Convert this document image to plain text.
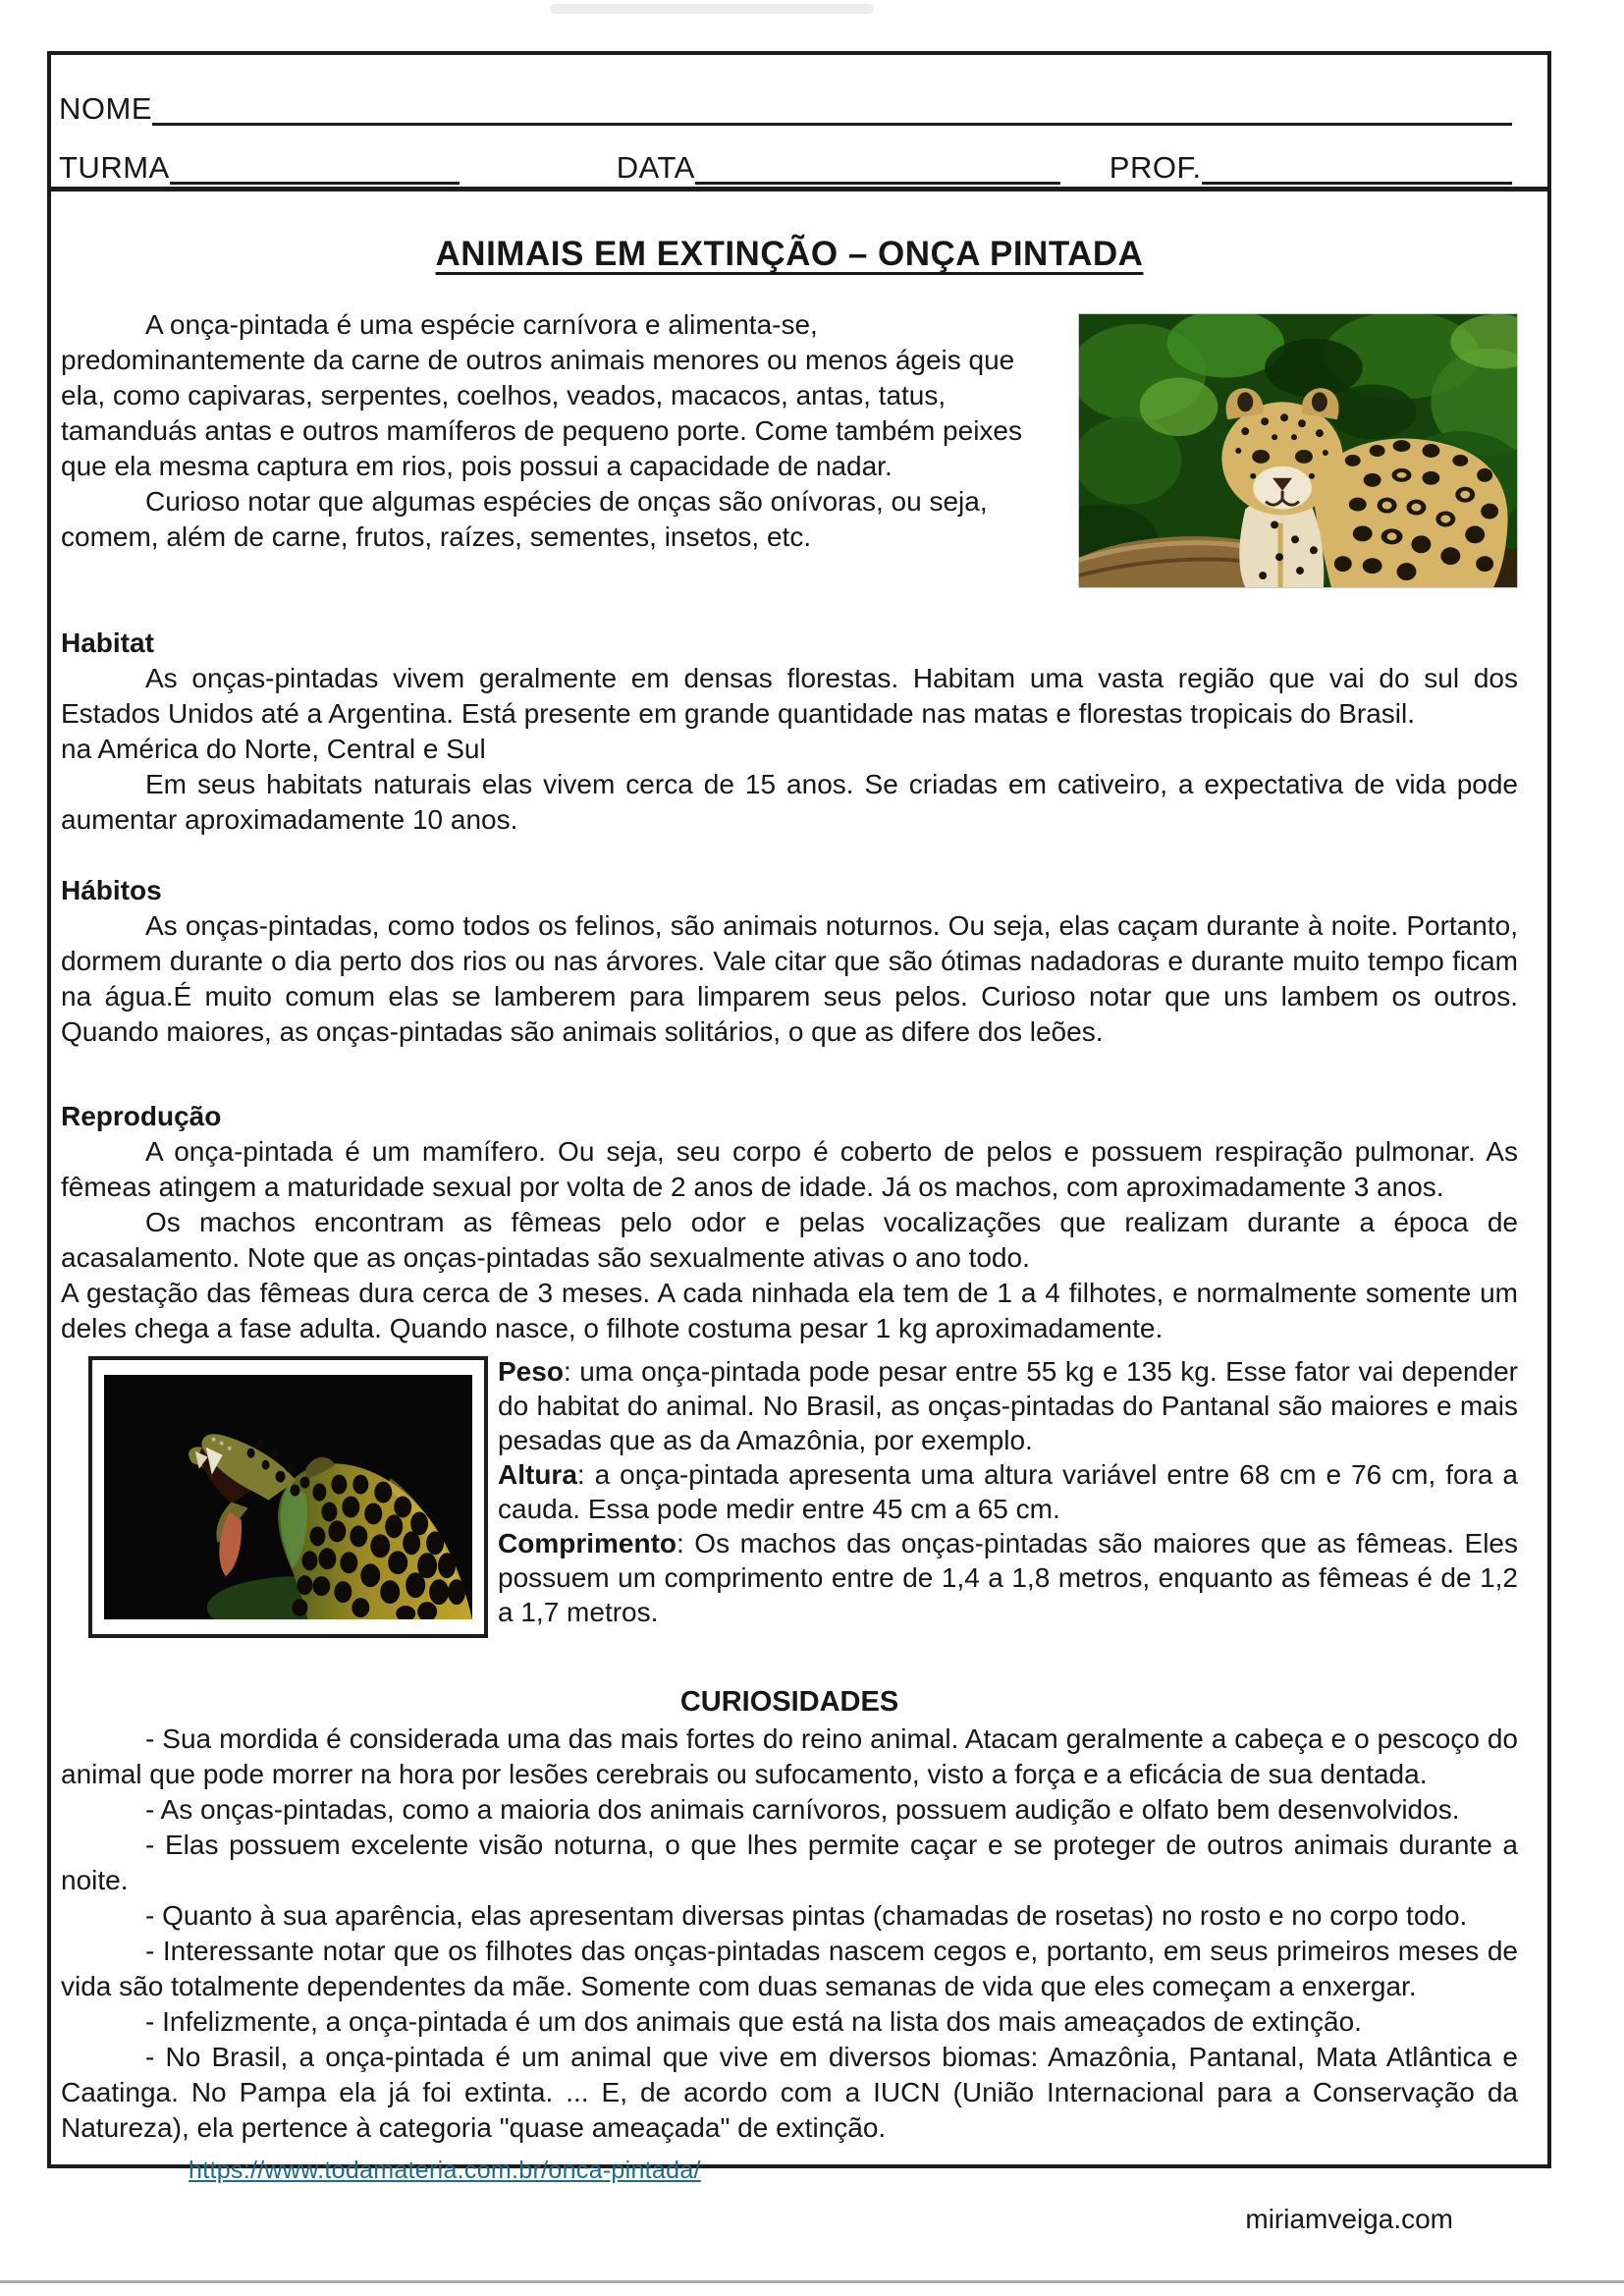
NOME
TURMA	DATA	PROF.
ANIMAIS EM EXTINÇÃO – ONÇA PINTADA

A onça-pintada é uma espécie carnívora e alimenta-se, predominantemente da carne de outros animais menores ou menos ágeis que ela, como capivaras, serpentes, coelhos, veados, macacos, antas, tatus, tamanduás antas e outros mamíferos de pequeno porte. Come também peixes que ela mesma captura em rios, pois possui a capacidade de nadar.

Curioso notar que algumas espécies de onças são onívoras, ou seja, comem, além de carne, frutos, raízes, sementes, insetos, etc.

Habitat

As onças-pintadas vivem geralmente em densas florestas. Habitam uma vasta região que vai do sul dos Estados Unidos até a Argentina. Está presente em grande quantidade nas matas e florestas tropicais do Brasil.

na América do Norte, Central e Sul

Em seus habitats naturais elas vivem cerca de 15 anos. Se criadas em cativeiro, a expectativa de vida pode aumentar aproximadamente 10 anos.

Hábitos

As onças-pintadas, como todos os felinos, são animais noturnos. Ou seja, elas caçam durante à noite. Portanto, dormem durante o dia perto dos rios ou nas árvores. Vale citar que são ótimas nadadoras e durante muito tempo ficam na água.É muito comum elas se lamberem para limparem seus pelos. Curioso notar que uns lambem os outros. Quando maiores, as onças-pintadas são animais solitários, o que as difere dos leões.

Reprodução

A onça-pintada é um mamífero. Ou seja, seu corpo é coberto de pelos e possuem respiração pulmonar. As fêmeas atingem a maturidade sexual por volta de 2 anos de idade. Já os machos, com aproximadamente 3 anos.

Os machos encontram as fêmeas pelo odor e pelas vocalizações que realizam durante a época de acasalamento. Note que as onças-pintadas são sexualmente ativas o ano todo.

A gestação das fêmeas dura cerca de 3 meses. A cada ninhada ela tem de 1 a 4 filhotes, e normalmente somente um deles chega a fase adulta. Quando nasce, o filhote costuma pesar 1 kg aproximadamente.

Peso: uma onça-pintada pode pesar entre 55 kg e 135 kg. Esse fator vai depender do habitat do animal. No Brasil, as onças-pintadas do Pantanal são maiores e mais pesadas que as da Amazônia, por exemplo.

Altura: a onça-pintada apresenta uma altura variável entre 68 cm e 76 cm, fora a cauda. Essa pode medir entre 45 cm a 65 cm.

Comprimento: Os machos das onças-pintadas são maiores que as fêmeas. Eles possuem um comprimento entre de 1,4 a 1,8 metros, enquanto as fêmeas é de 1,2 a 1,7 metros.

CURIOSIDADES

- Sua mordida é considerada uma das mais fortes do reino animal. Atacam geralmente a cabeça e o pescoço do animal que pode morrer na hora por lesões cerebrais ou sufocamento, visto a força e a eficácia de sua dentada.

- As onças-pintadas, como a maioria dos animais carnívoros, possuem audição e olfato bem desenvolvidos.

- Elas possuem excelente visão noturna, o que lhes permite caçar e se proteger de outros animais durante a noite.

- Quanto à sua aparência, elas apresentam diversas pintas (chamadas de rosetas) no rosto e no corpo todo.

- Interessante notar que os filhotes das onças-pintadas nascem cegos e, portanto, em seus primeiros meses de vida são totalmente dependentes da mãe. Somente com duas semanas de vida que eles começam a enxergar.

- Infelizmente, a onça-pintada é um dos animais que está na lista dos mais ameaçados de extinção.

- No Brasil, a onça-pintada é um animal que vive em diversos biomas: Amazônia, Pantanal, Mata Atlântica e Caatinga. No Pampa ela já foi extinta. ... E, de acordo com a IUCN (União Internacional para a Conservação da Natureza), ela pertence à categoria "quase ameaçada" de extinção.

https://www.todamateria.com.br/onca-pintada/

miriamveiga.com
